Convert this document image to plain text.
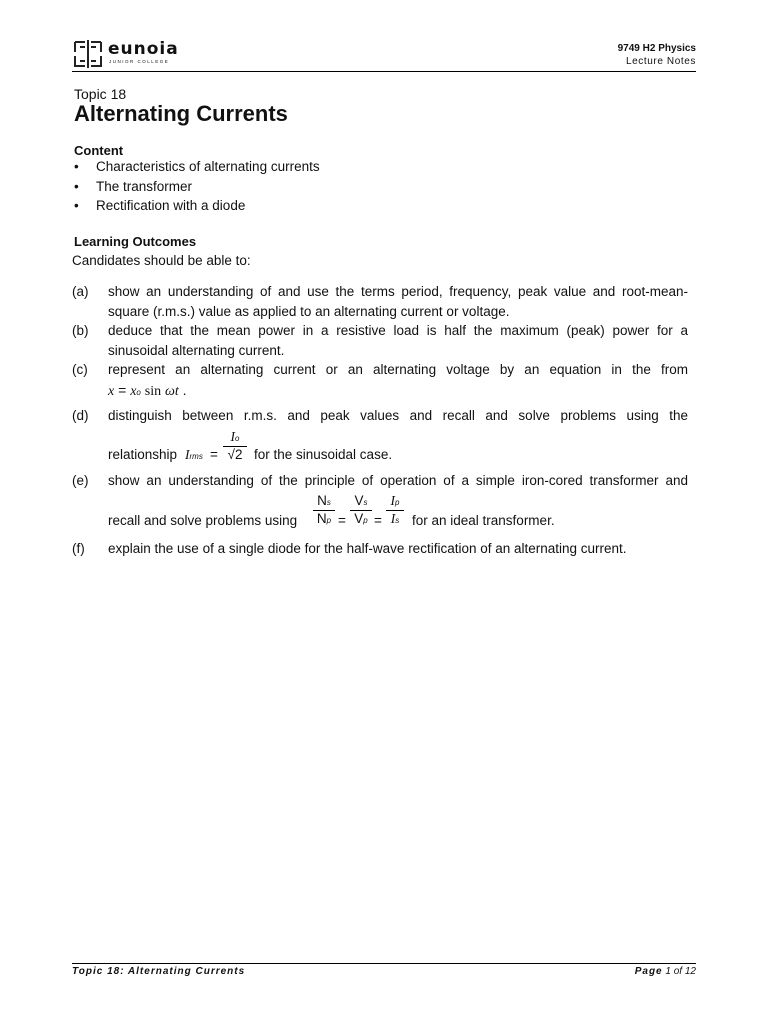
eunoia
JUNIOR COLLEGE
9749 H2 Physics
Lecture Notes
Topic 18
Alternating Currents
Content
• Characteristics of alternating currents
• The transformer
• Rectification with a diode
Learning Outcomes
Candidates should be able to:
(a) show an understanding of and use the terms period, frequency, peak value and root-mean-
square (r.m.s.) value as applied to an alternating current or voltage.
(b) deduce that the mean power in a resistive load is half the maximum (peak) power for a
sinusoidal alternating current.
(c) represent an alternating current or an alternating voltage by an equation in the from
x = xo sin ωt .
(d) distinguish between r.m.s. and peak values and recall and solve problems using the
relationship Irms =
Io
√2 for the sinusoidal case.
(e) show an understanding of the principle of operation of a simple iron-cored transformer and
recall and solve problems using
Ns
Np =
Vs
Vp =
Ip
Is for an ideal transformer.
(f) explain the use of a single diode for the half-wave rectification of an alternating current.
Topic 18: Alternating Currents	Page 1 of 12
